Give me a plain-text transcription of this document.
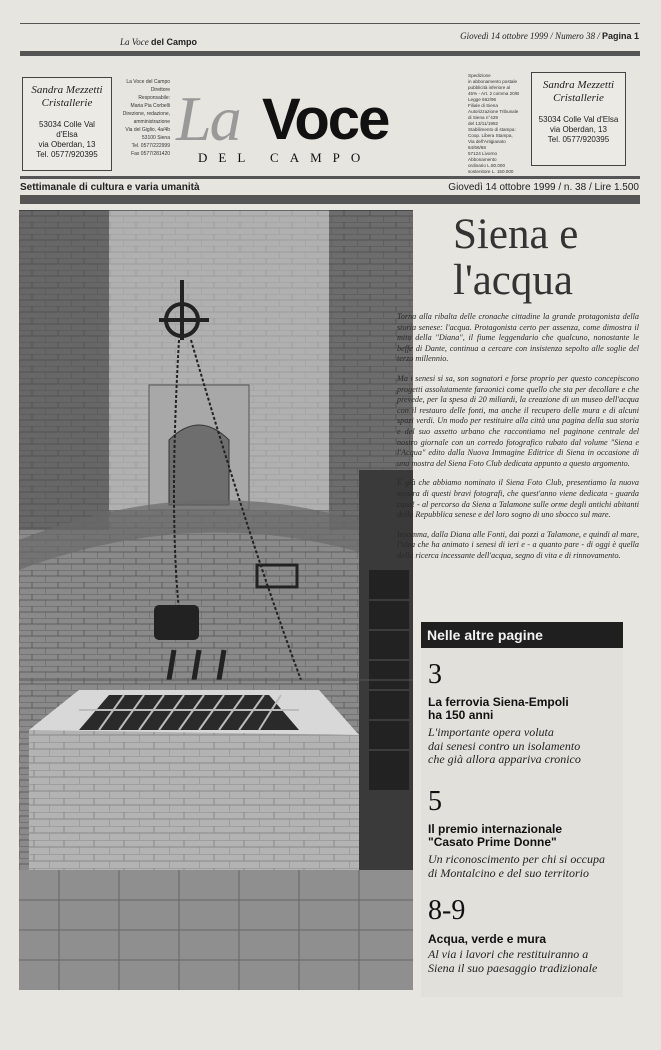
La Voce del Campo
Giovedì 14 ottobre 1999 / Numero 38 / Pagina 1
Sandra Mezzetti
Cristallerie
53034 Colle Val d'Elsa
via Oberdan, 13
Tel. 0577/920395
La Voce del Campo
Direttore Responsabile:
Maria Pia Corbelli
Direzione, redazione,
amministrazione
Via del Giglio, 4a/4b
53100 Siena
Tel. 0577/222999
Fax 0577/281420 La Voce
DEL CAMPO
Spedizione
in abbonamento postale
pubblicità inferiore al
45% - Art. 2 comma 20/B
Legge 662/96
Filiale di Siena
Autorizzazione Tribunale
di Siena n°429
del 13/11/1982
Stabilimento di stampa:
Coop. Libera Stampa,
Via dell'Artigianato
64/66/68
57124 Livorno
Abbonamento
ordinario L.80.000
sostenitore L. 150.000
Sandra Mezzetti
Cristallerie
53034 Colle Val d'Elsa
via Oberdan, 13
Tel. 0577/920395
Settimanale di cultura e varia umanità	Giovedì 14 ottobre 1999 / n. 38 / Lire 1.500
Siena e
l'acqua

Torna alla ribalta delle cronache cittadine la grande protagonista della storia senese: l'acqua. Protagonista certo per assenza, come dimostra il mito della "Diana", il fiume leggendario che qualcuno, nonostante le beffe di Dante, continua a cercare con insistenza sepolto alle soglie del terzo millennio.

Ma i senesi si sa, son sognatori e forse proprio per questo concepiscono progetti assolutamente faraonici come quello che sta per decollare e che prevede, per la spesa di 20 miliardi, la creazione di un museo dell'acqua con il restauro delle fonti, ma anche il recupero delle mura e di alcuni spazi verdi. Un modo per restituire alla città una pagina della sua storia e del suo assetto urbano che raccontiamo nel paginone centrale del nostro giornale con un corredo fotografico rubato dal volume "Siena e l'Acqua" edito dalla Nuova Immagine Editrice di Siena in occasione di una mostra del Siena Foto Club dedicata appunto a questo argomento.

E già che abbiamo nominato il Siena Foto Club, presentiamo la nuova mostra di questi bravi fotografi, che quest'anno viene dedicata - guarda caso! - al percorso da Siena a Talamone sulle orme degli antichi abitanti della Repubblica senese e del loro sogno di uno sbocco sul mare.

Insomma, dalla Diana alle Fonti, dai pozzi a Talamone, e quindi al mare, l'idea che ha animato i senesi di ieri e - a quanto pare - di oggi è quella della ricerca incessante dell'acqua, segno di vita e di rinnovamento.

Nelle altre pagine
3
La ferrovia Siena-Empoli
ha 150 anni
L'importante opera voluta
dai senesi contro un isolamento
che già allora appariva cronico
5
Il premio internazionale
"Casato Prime Donne"
Un riconoscimento per chi si occupa
di Montalcino e del suo territorio
8-9
Acqua, verde e mura
Al via i lavori che restituiranno a
Siena il suo paesaggio tradizionale
